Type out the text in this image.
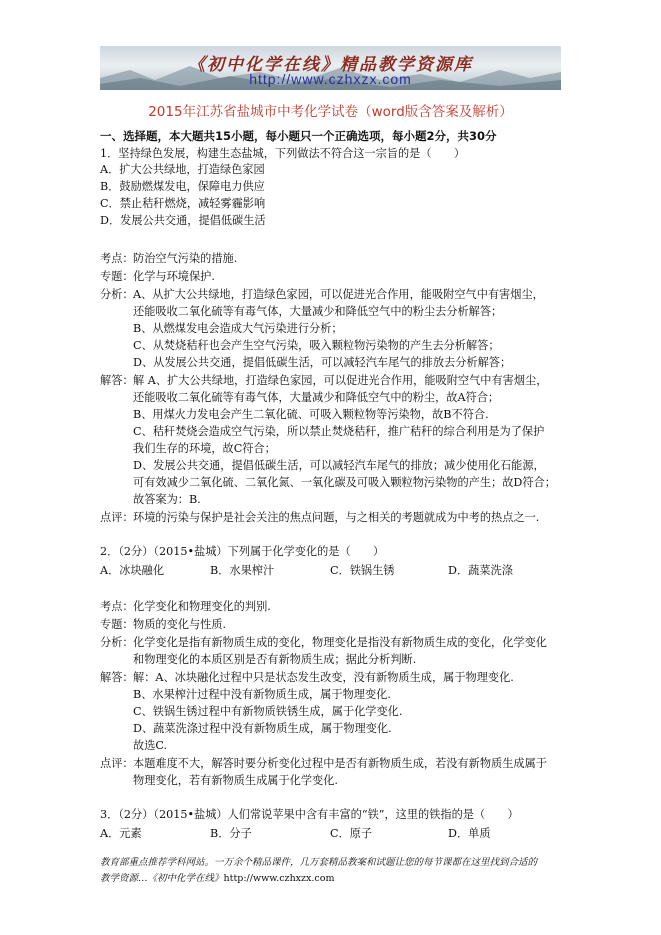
《初中化学在线》精品教学资源库
http://www.czhxzx.com
2015年江苏省盐城市中考化学试卷（word版含答案及解析）
一、选择题，本大题共15小题，每小题只一个正确选项，每小题2分，共30分
1．坚持绿色发展，构建生态盐城，下列做法不符合这一宗旨的是（　　）
A．扩大公共绿地，打造绿色家园
B．鼓励燃煤发电，保障电力供应
C．禁止秸秆燃烧，减轻雾霾影响
D．发展公共交通，提倡低碳生活
考点： 防治空气污染的措施.
专题： 化学与环境保护.
分析： A、从扩大公共绿地，打造绿色家园，可以促进光合作用，能吸附空气中有害烟尘，
还能吸收二氧化硫等有毒气体，大量减少和降低空气中的粉尘去分析解答；
B、从燃煤发电会造成大气污染进行分析；
C、从焚烧秸秆也会产生空气污染，吸入颗粒物污染物的产生去分析解答；
D、从发展公共交通，提倡低碳生活，可以减轻汽车尾气的排放去分析解答；
解答： 解 A、扩大公共绿地，打造绿色家园，可以促进光合作用，能吸附空气中有害烟尘，
还能吸收二氧化硫等有毒气体，大量减少和降低空气中的粉尘，故A符合；
B、用煤火力发电会产生二氧化硫、可吸入颗粒物等污染物，故B不符合.
C、秸秆焚烧会造成空气污染，所以禁止焚烧秸秆，推广秸秆的综合利用是为了保护
我们生存的环境，故C符合；
D、发展公共交通，提倡低碳生活，可以减轻汽车尾气的排放；减少使用化石能源，
可有效减少二氧化硫、二氧化氮、一氧化碳及可吸入颗粒物污染物的产生；故D符合；
故答案为：B.
点评： 环境的污染与保护是社会关注的焦点问题，与之相关的考题就成为中考的热点之一.
2．（2分）（2015•盐城）下列属于化学变化的是（　　）
A．冰块融化	B．水果榨汁	C．铁锅生锈	D．蔬菜洗涤
考点： 化学变化和物理变化的判别.
专题： 物质的变化与性质.
分析： 化学变化是指有新物质生成的变化，物理变化是指没有新物质生成的变化，化学变化
和物理变化的本质区别是否有新物质生成；据此分析判断.
解答： 解：A、冰块融化过程中只是状态发生改变，没有新物质生成，属于物理变化.
B、水果榨汁过程中没有新物质生成，属于物理变化.
C、铁锅生锈过程中有新物质铁锈生成，属于化学变化.
D、蔬菜洗涤过程中没有新物质生成，属于物理变化.
故选C.
点评： 本题难度不大，解答时要分析变化过程中是否有新物质生成，若没有新物质生成属于
物理变化，若有新物质生成属于化学变化.
3．（2分）（2015•盐城）人们常说苹果中含有丰富的“铁”，这里的铁指的是（　　）
A．元素	B．分子	C．原子	D．单质
教育部重点推荐学科网站。一万余个精品课件，几万套精品教案和试题让您的每节课都在这里找到合适的
教学资源…《初中化学在线》http://www.czhxzx.com
